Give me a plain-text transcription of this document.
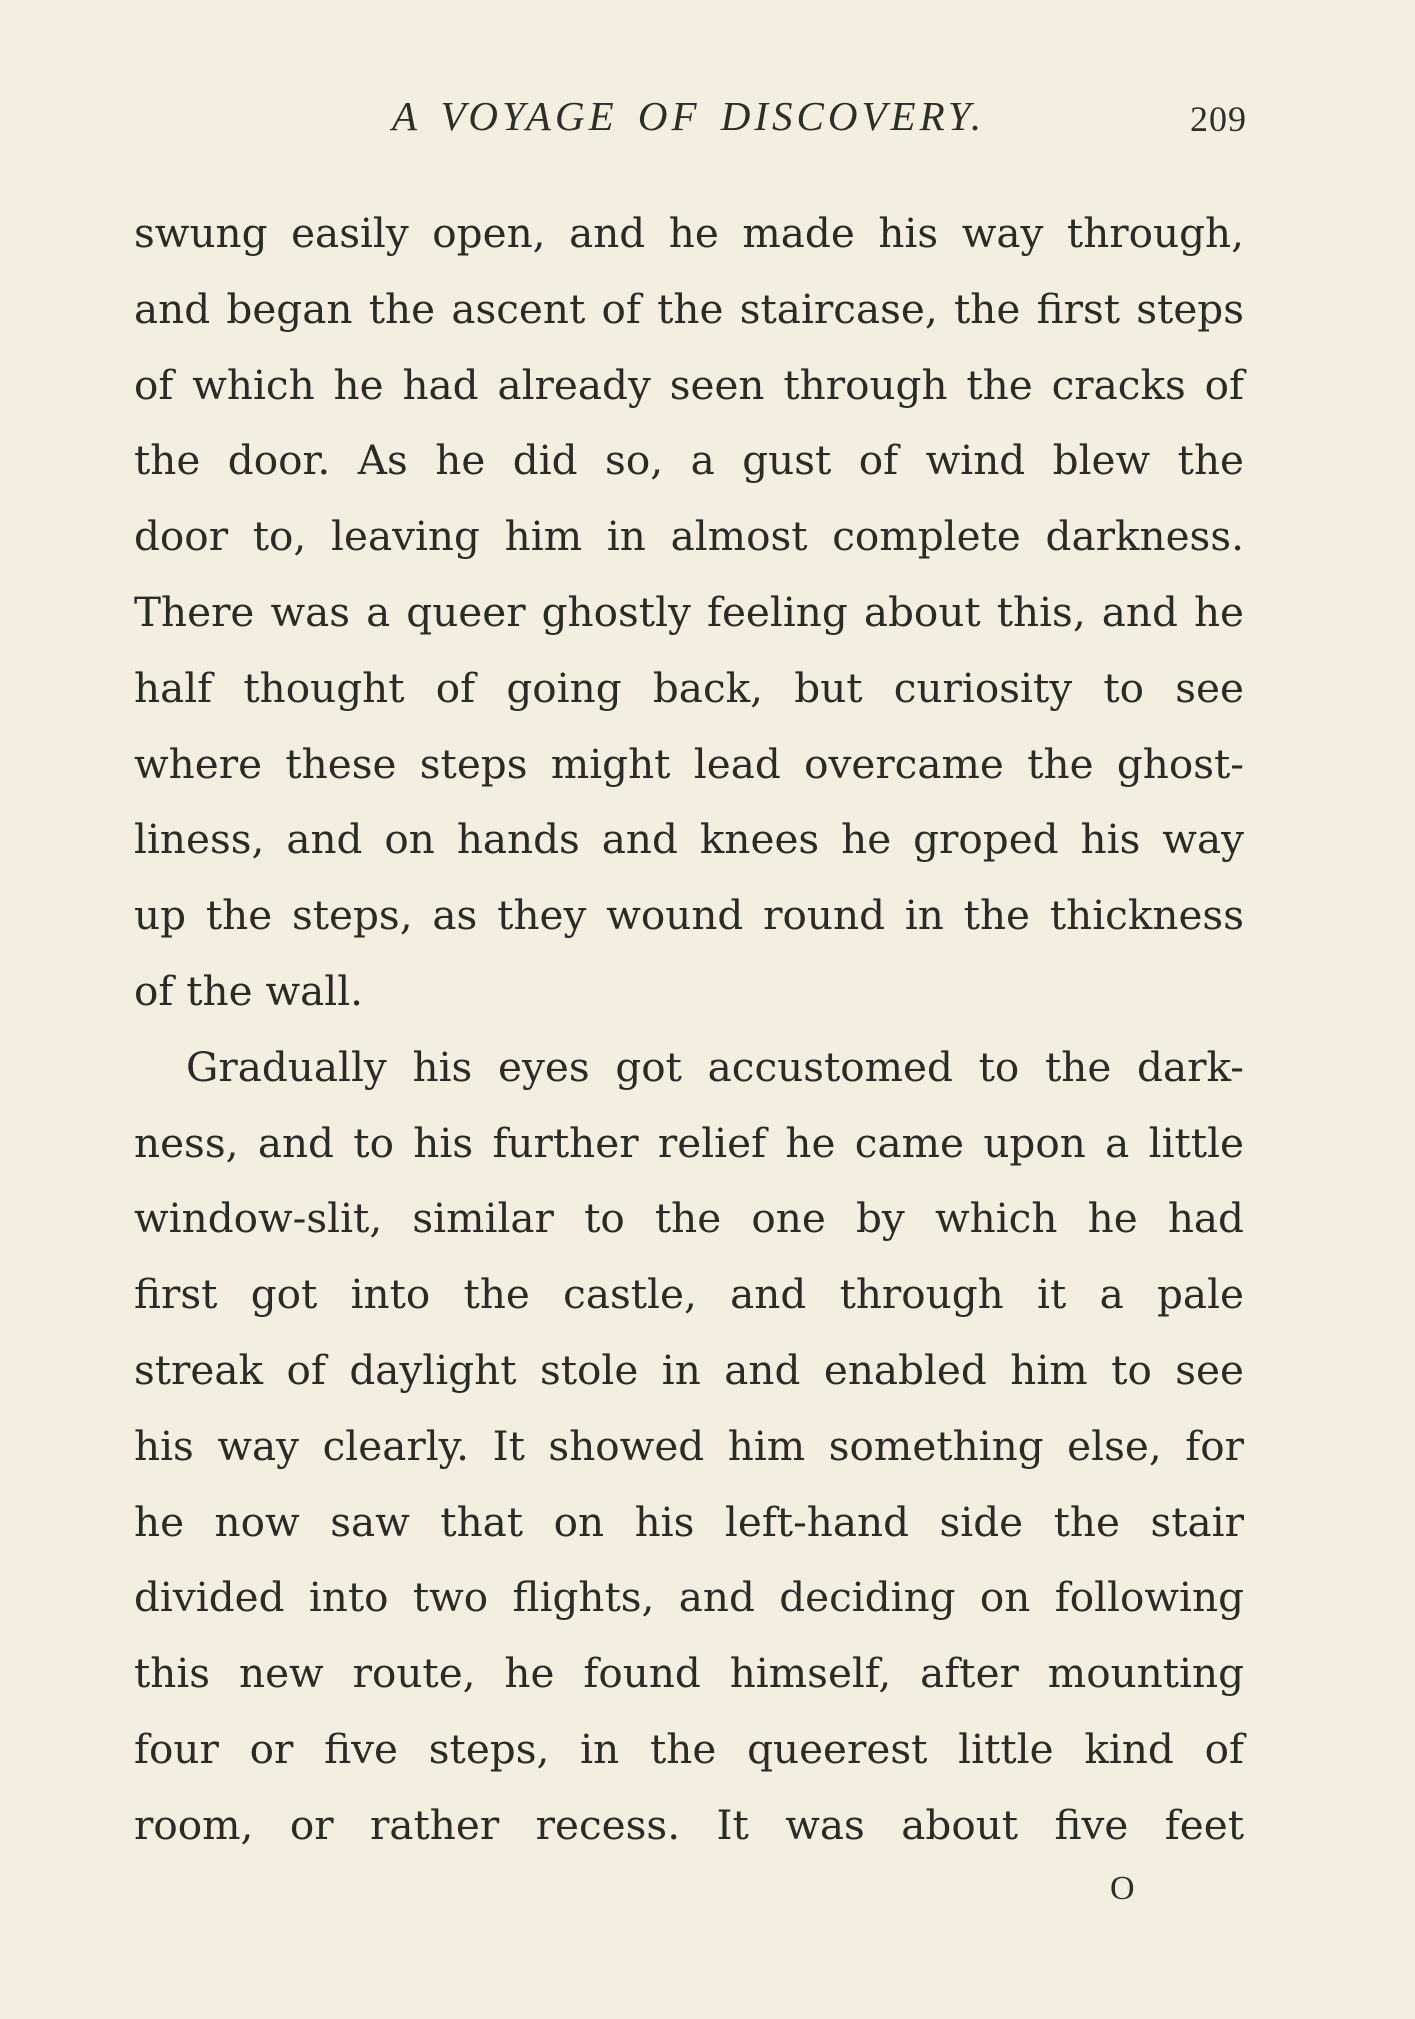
A VOYAGE OF DISCOVERY.	209
swung easily open, and he made his way through,
and began the ascent of the staircase, the first steps
of which he had already seen through the cracks of
the door. As he did so, a gust of wind blew the
door to, leaving him in almost complete darkness.
There was a queer ghostly feeling about this, and he
half thought of going back, but curiosity to see
where these steps might lead overcame the ghost-
liness, and on hands and knees he groped his way
up the steps, as they wound round in the thickness
of the wall.
Gradually his eyes got accustomed to the dark-
ness, and to his further relief he came upon a little
window-slit, similar to the one by which he had
first got into the castle, and through it a pale
streak of daylight stole in and enabled him to see
his way clearly. It showed him something else, for
he now saw that on his left-hand side the stair
divided into two flights, and deciding on following
this new route, he found himself, after mounting
four or five steps, in the queerest little kind of
room, or rather recess. It was about five feet
O
